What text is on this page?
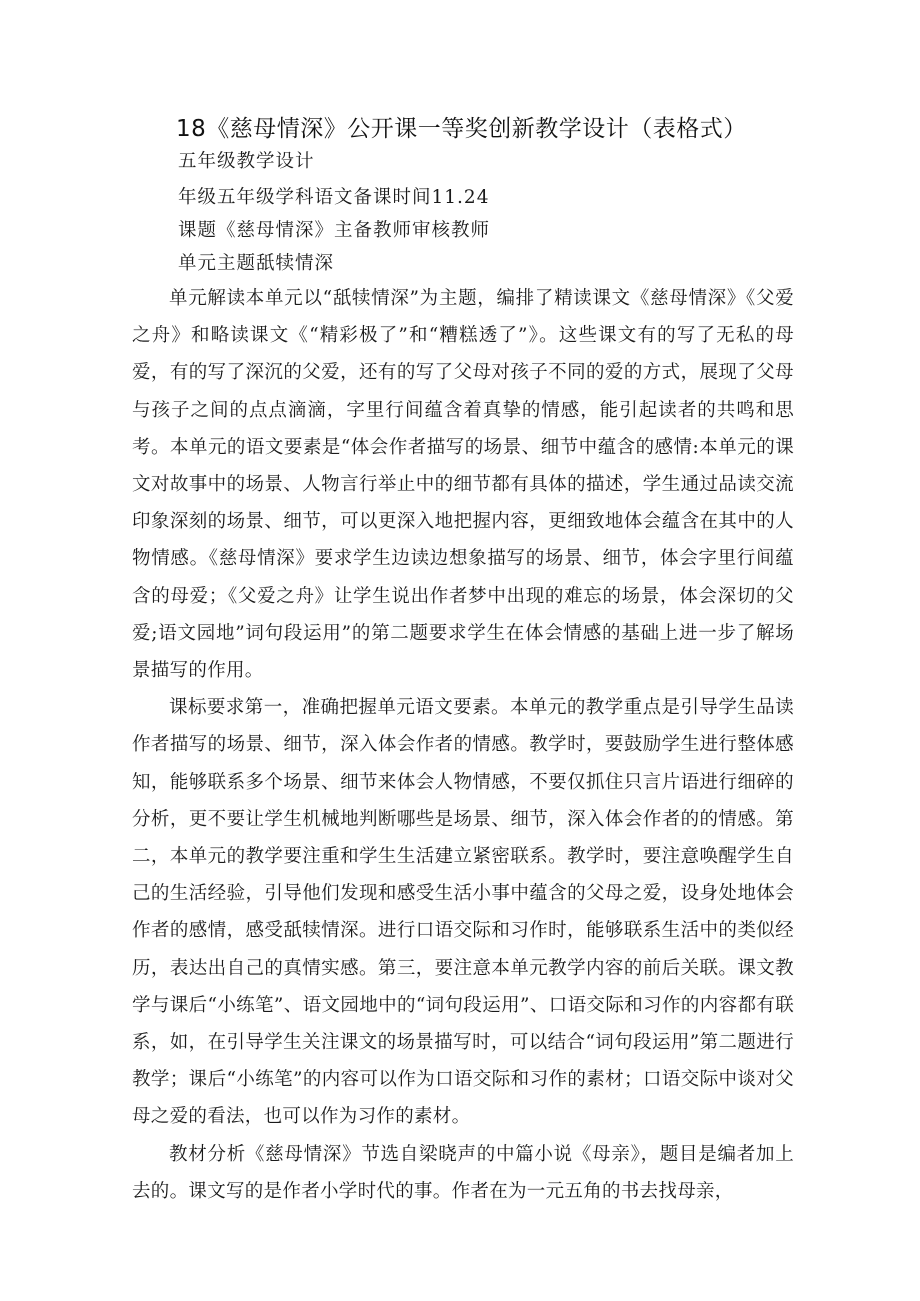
18《慈母情深》公开课一等奖创新教学设计（表格式）

五年级教学设计

年级五年级学科语文备课时间11.24

课题《慈母情深》主备教师审核教师

单元主题舐犊情深

单元解读本单元以“舐犊情深”为主题，编排了精读课文《慈母情深》《父爱之舟》和略读课文《“精彩极了”和“糟糕透了”》。这些课文有的写了无私的母爱，有的写了深沉的父爱，还有的写了父母对孩子不同的爱的方式，展现了父母与孩子之间的点点滴滴，字里行间蕴含着真挚的情感，能引起读者的共鸣和思考。本单元的语文要素是“体会作者描写的场景、细节中蕴含的感情:本单元的课文对故事中的场景、人物言行举止中的细节都有具体的描述，学生通过品读交流印象深刻的场景、细节，可以更深入地把握内容，更细致地体会蕴含在其中的人物情感。《慈母情深》要求学生边读边想象描写的场景、细节，体会字里行间蕴含的母爱；《父爱之舟》让学生说出作者梦中出现的难忘的场景，体会深切的父爱;语文园地”词句段运用”的第二题要求学生在体会情感的基础上进一步了解场景描写的作用。

课标要求第一，准确把握单元语文要素。本单元的教学重点是引导学生品读作者描写的场景、细节，深入体会作者的情感。教学时，要鼓励学生进行整体感知，能够联系多个场景、细节来体会人物情感，不要仅抓住只言片语进行细碎的分析，更不要让学生机械地判断哪些是场景、细节，深入体会作者的的情感。第二，本单元的教学要注重和学生生活建立紧密联系。教学时，要注意唤醒学生自己的生活经验，引导他们发现和感受生活小事中蕴含的父母之爱，设身处地体会作者的感情，感受舐犊情深。进行口语交际和习作时，能够联系生活中的类似经历，表达出自己的真情实感。第三，要注意本单元教学内容的前后关联。课文教学与课后“小练笔”、语文园地中的“词句段运用”、口语交际和习作的内容都有联系，如，在引导学生关注课文的场景描写时，可以结合“词句段运用”第二题进行教学；课后“小练笔”的内容可以作为口语交际和习作的素材；口语交际中谈对父母之爱的看法，也可以作为习作的素材。

教材分析《慈母情深》节选自梁晓声的中篇小说《母亲》，题目是编者加上去的。课文写的是作者小学时代的事。作者在为一元五角的书去找母亲，
